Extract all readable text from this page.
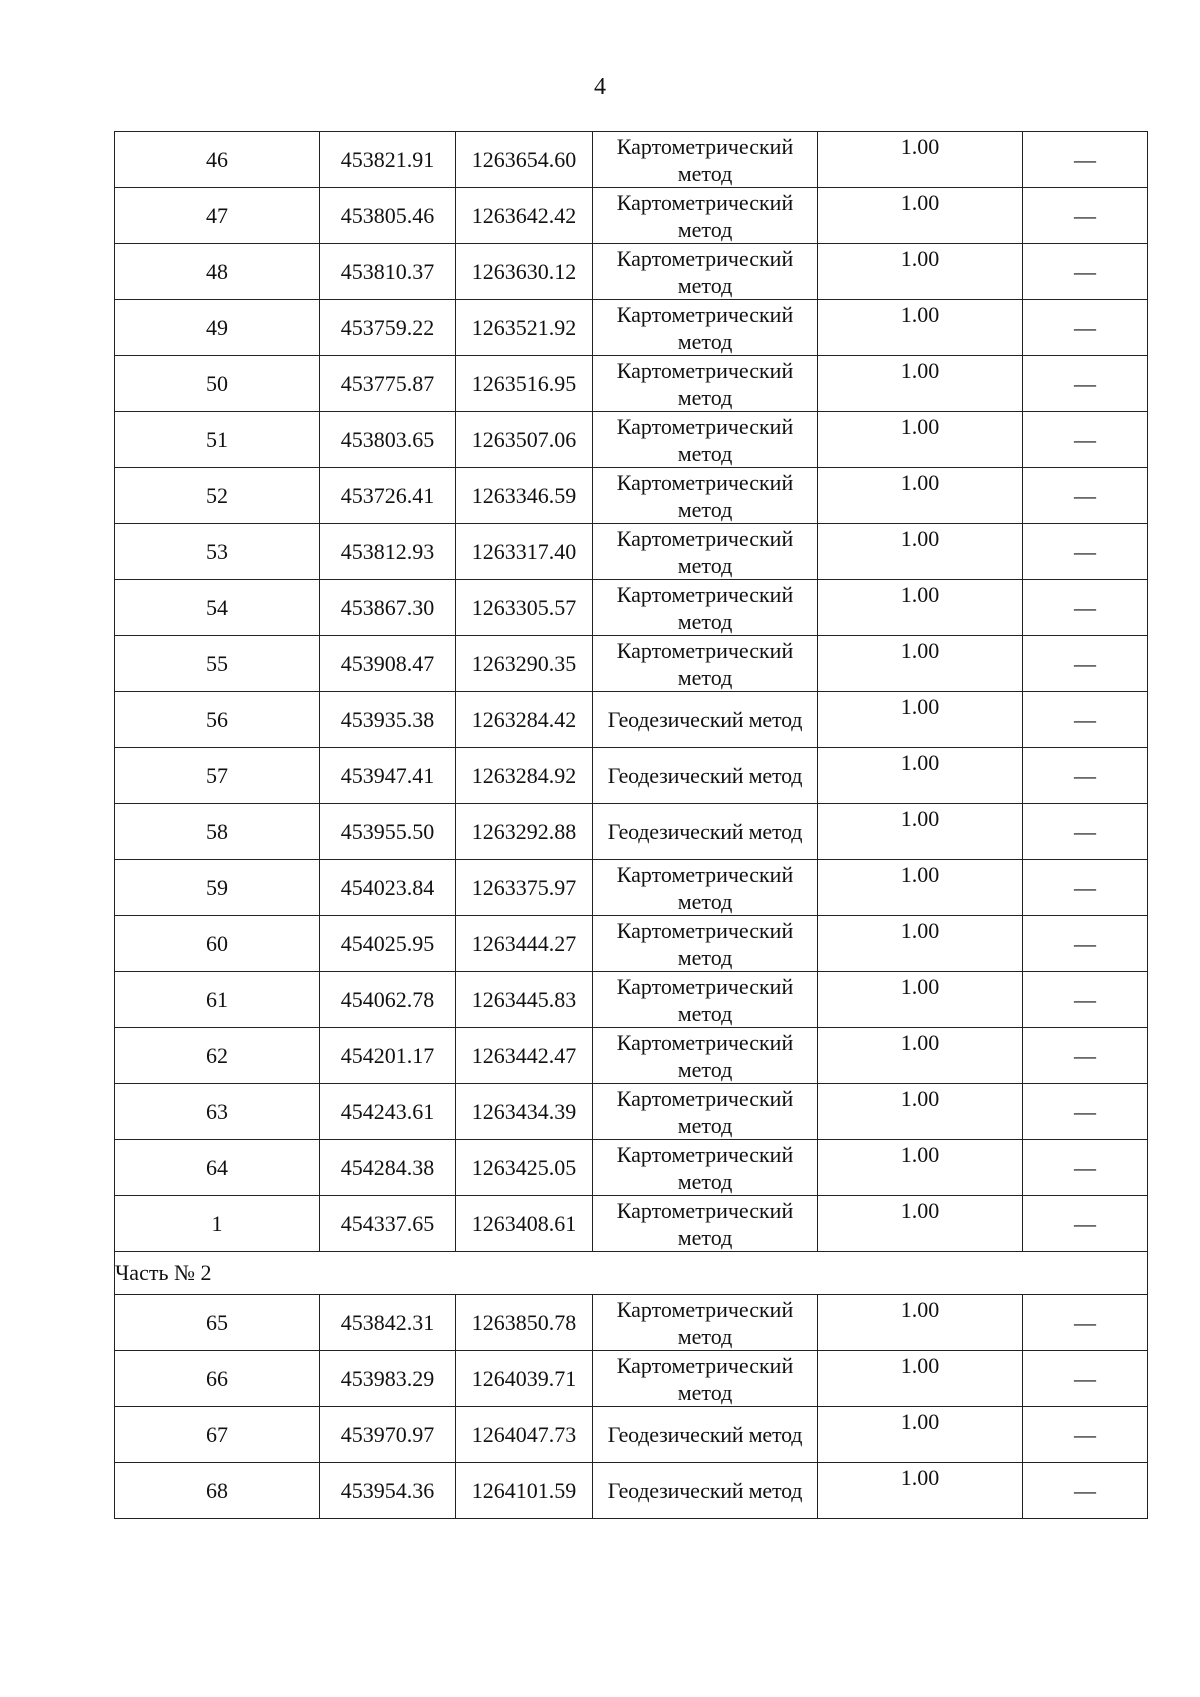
4
46	453821.91	1263654.60	Картометрический метод	1.00	—
47	453805.46	1263642.42	Картометрический метод	1.00	—
48	453810.37	1263630.12	Картометрический метод	1.00	—
49	453759.22	1263521.92	Картометрический метод	1.00	—
50	453775.87	1263516.95	Картометрический метод	1.00	—
51	453803.65	1263507.06	Картометрический метод	1.00	—
52	453726.41	1263346.59	Картометрический метод	1.00	—
53	453812.93	1263317.40	Картометрический метод	1.00	—
54	453867.30	1263305.57	Картометрический метод	1.00	—
55	453908.47	1263290.35	Картометрический метод	1.00	—
56	453935.38	1263284.42	Геодезический метод	1.00	—
57	453947.41	1263284.92	Геодезический метод	1.00	—
58	453955.50	1263292.88	Геодезический метод	1.00	—
59	454023.84	1263375.97	Картометрический метод	1.00	—
60	454025.95	1263444.27	Картометрический метод	1.00	—
61	454062.78	1263445.83	Картометрический метод	1.00	—
62	454201.17	1263442.47	Картометрический метод	1.00	—
63	454243.61	1263434.39	Картометрический метод	1.00	—
64	454284.38	1263425.05	Картометрический метод	1.00	—
1	454337.65	1263408.61	Картометрический метод	1.00	—
Часть № 2					
65	453842.31	1263850.78	Картометрический метод	1.00	—
66	453983.29	1264039.71	Картометрический метод	1.00	—
67	453970.97	1264047.73	Геодезический метод	1.00	—
68	453954.36	1264101.59	Геодезический метод	1.00	—
